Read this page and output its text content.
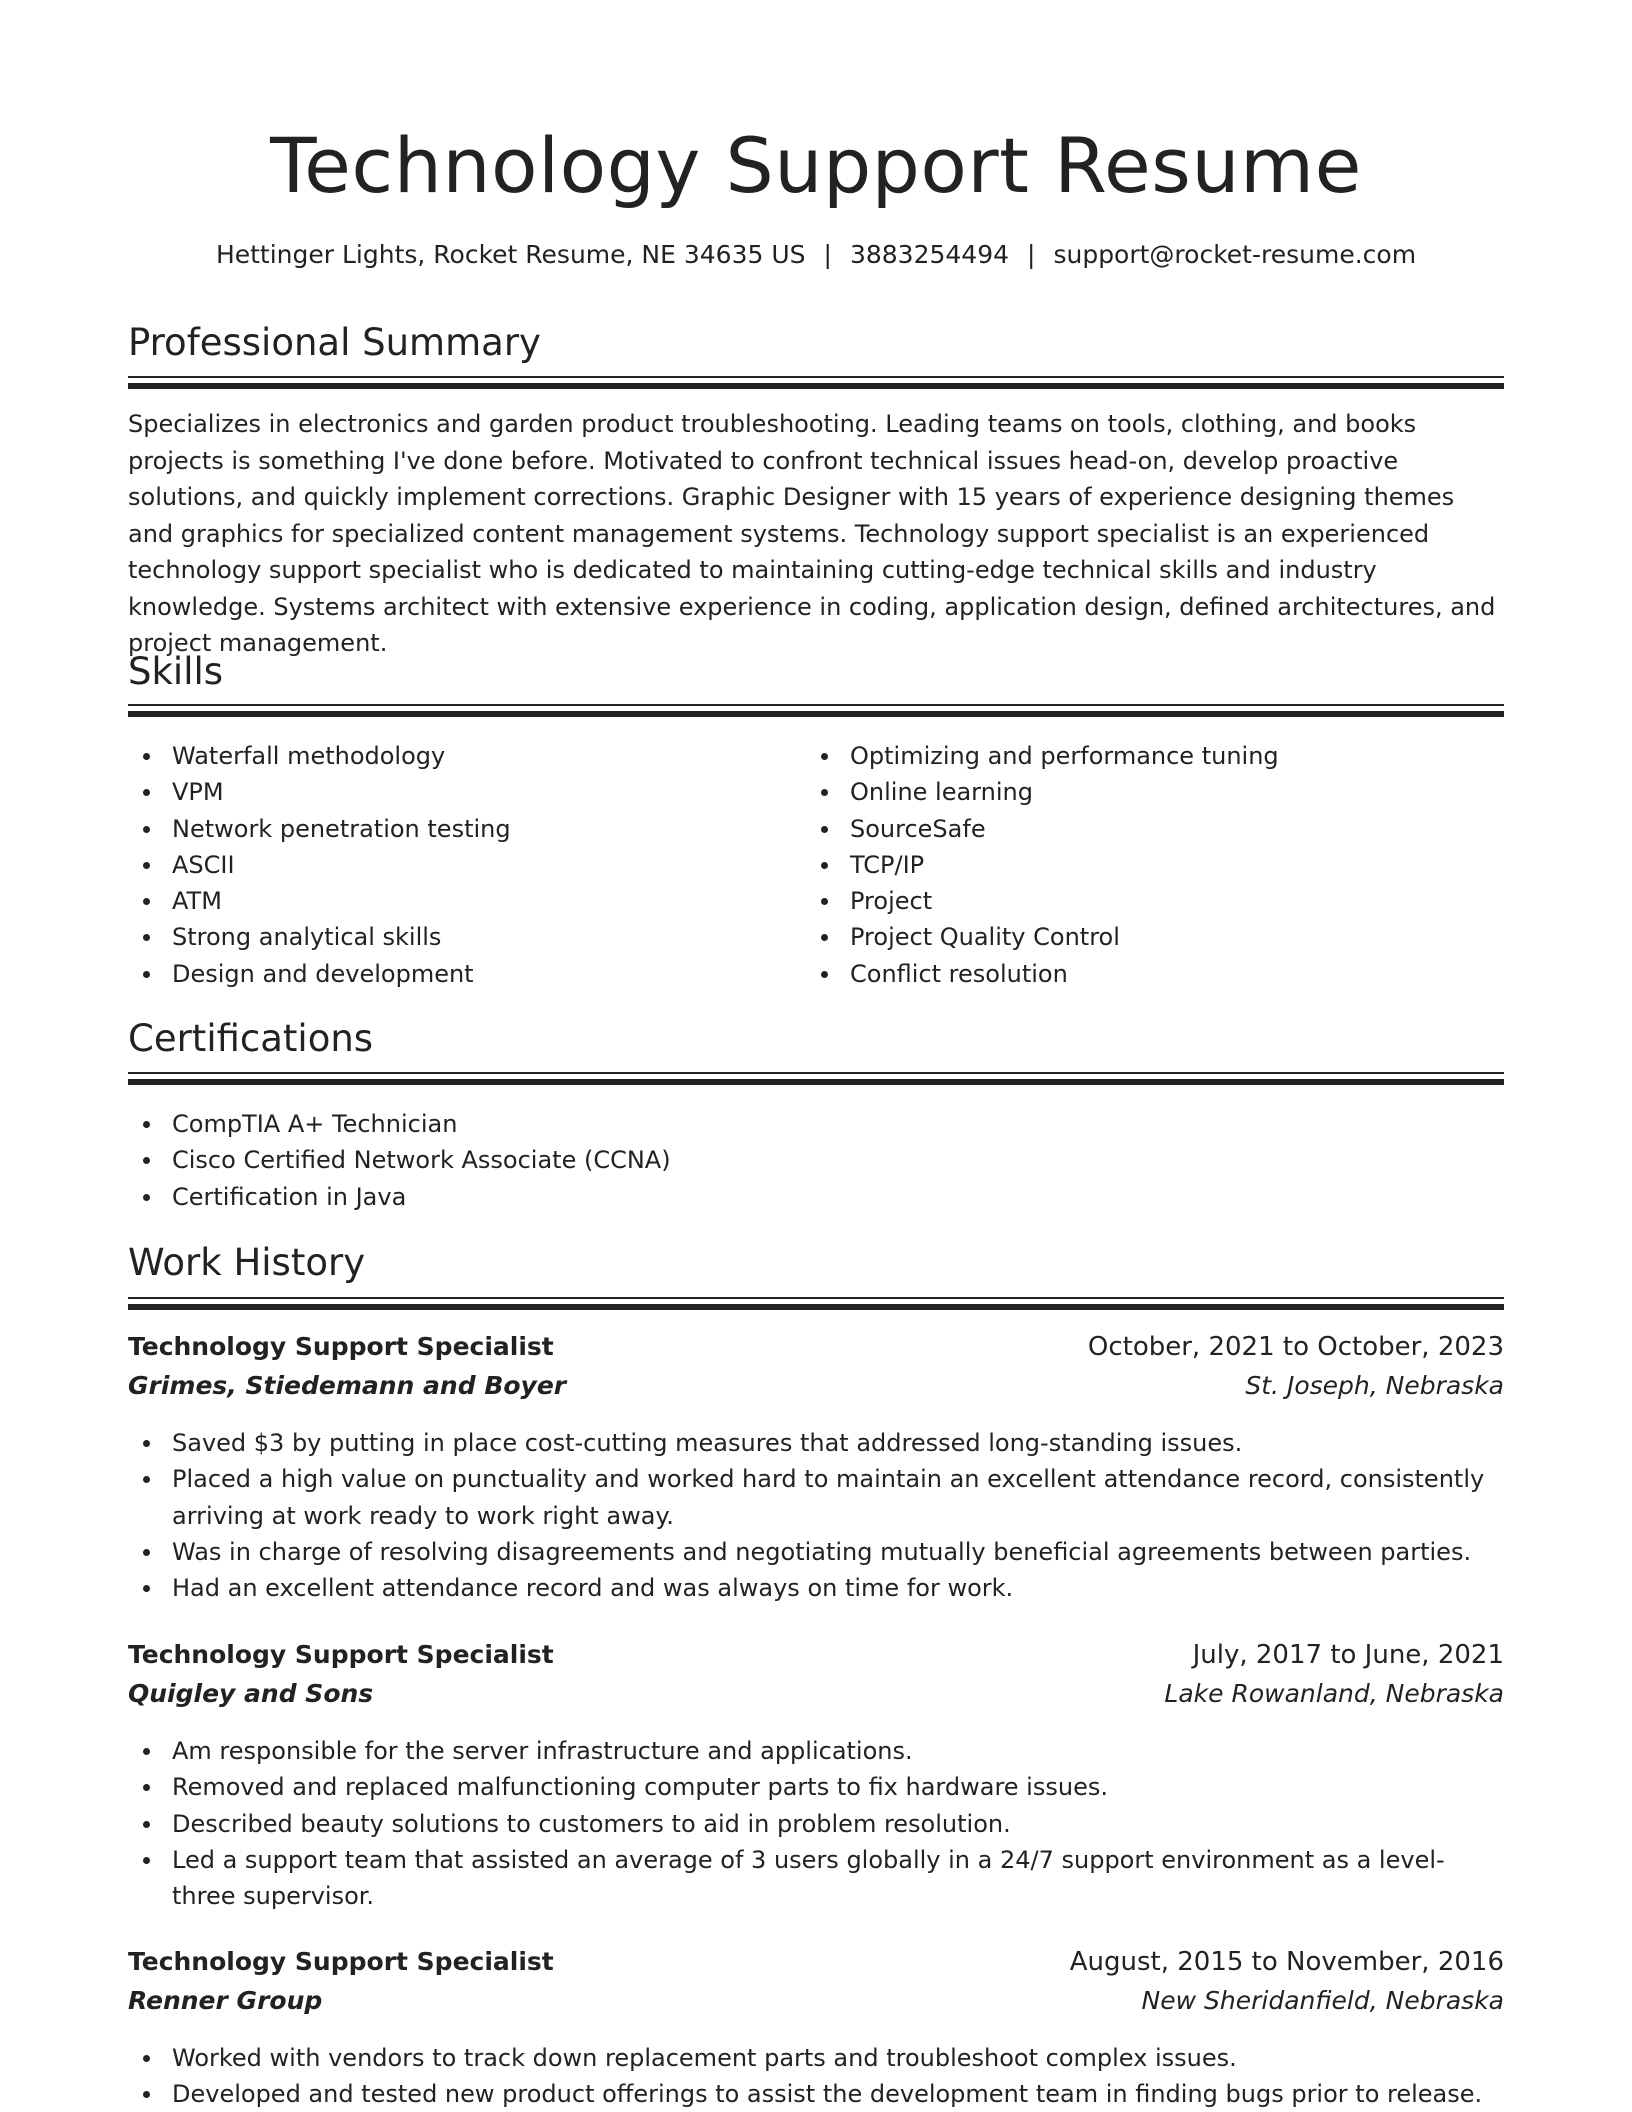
Technology Support Resume
Hettinger Lights, Rocket Resume, NE 34635 US | 3883254494 | support@rocket-resume.com
Professional Summary

Specializes in electronics and garden product troubleshooting. Leading teams on tools, clothing, and books projects is something I've done before. Motivated to confront technical issues head-on, develop proactive solutions, and quickly implement corrections. Graphic Designer with 15 years of experience designing themes and graphics for specialized content management systems. Technology support specialist is an experienced technology support specialist who is dedicated to maintaining cutting-edge technical skills and industry knowledge. Systems architect with extensive experience in coding, application design, defined architectures, and project management.

Skills
Waterfall methodology
VPM
Network penetration testing
ASCII
ATM
Strong analytical skills
Design and development
Optimizing and performance tuning
Online learning
SourceSafe
TCP/IP
Project
Project Quality Control
Conflict resolution
Certifications
CompTIA A+ Technician
Cisco Certified Network Associate (CCNA)
Certification in Java
Work History
Technology Support Specialist	October, 2021 to October, 2023
Grimes, Stiedemann and Boyer	St. Joseph, Nebraska
Saved $3 by putting in place cost-cutting measures that addressed long-standing issues.
Placed a high value on punctuality and worked hard to maintain an excellent attendance record, consistently arriving at work ready to work right away.
Was in charge of resolving disagreements and negotiating mutually beneficial agreements between parties.
Had an excellent attendance record and was always on time for work.
Technology Support Specialist	July, 2017 to June, 2021
Quigley and Sons	Lake Rowanland, Nebraska
Am responsible for the server infrastructure and applications.
Removed and replaced malfunctioning computer parts to fix hardware issues.
Described beauty solutions to customers to aid in problem resolution.
Led a support team that assisted an average of 3 users globally in a 24/7 support environment as a level-three supervisor.
Technology Support Specialist	August, 2015 to November, 2016
Renner Group	New Sheridanfield, Nebraska
Worked with vendors to track down replacement parts and troubleshoot complex issues.
Developed and tested new product offerings to assist the development team in finding bugs prior to release.
